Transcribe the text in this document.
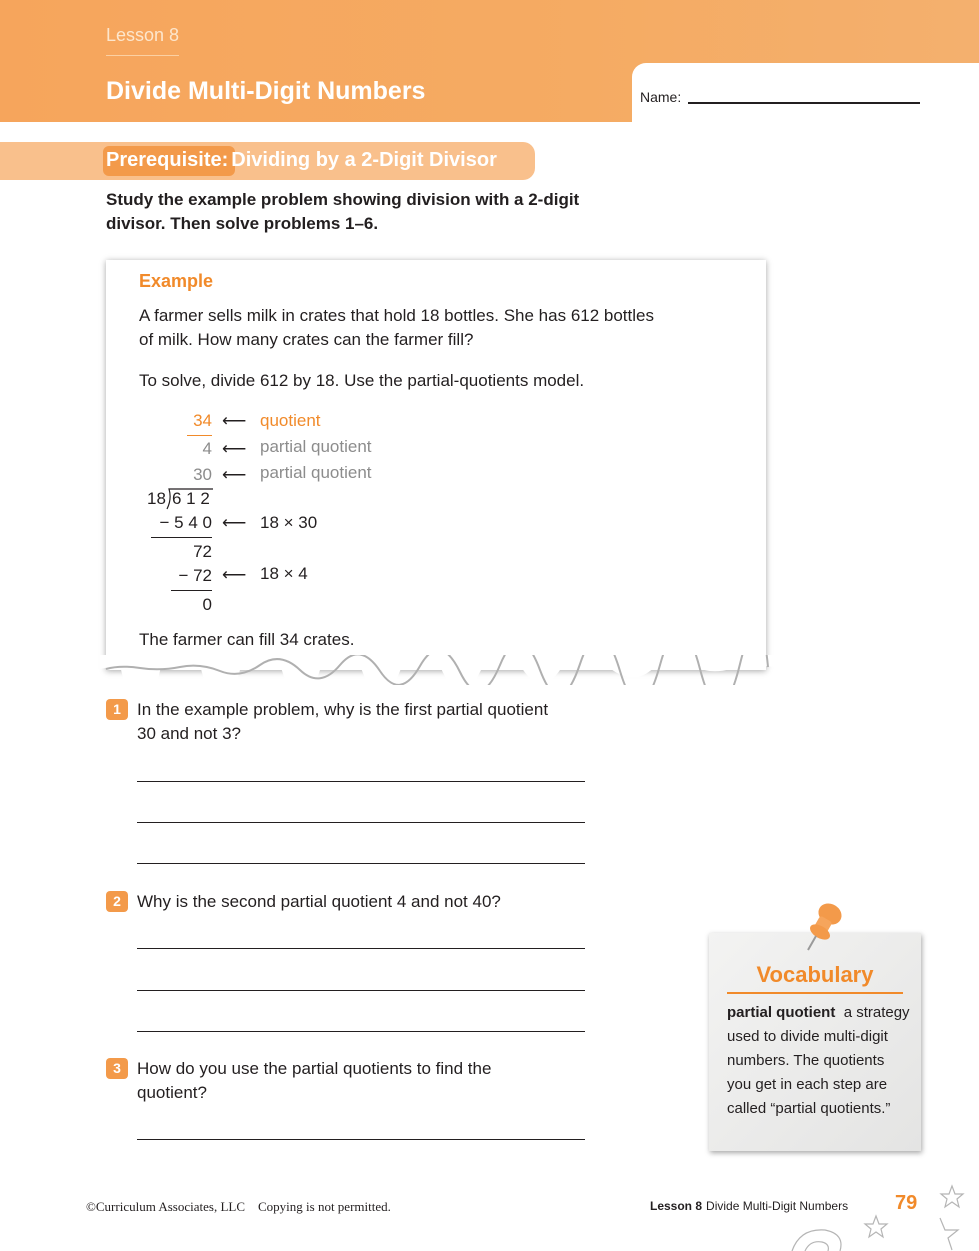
Lesson 8
Divide Multi-Digit Numbers	Name:
Prerequisite: Dividing by a 2-Digit Divisor
Study the example problem showing division with a 2-digit divisor. Then solve problems 1–6.
Example
A farmer sells milk in crates that hold 18 bottles. She has 612 bottles of milk. How many crates can the farmer fill?
To solve, divide 612 by 18. Use the partial-quotients model.
34 ⟵ quotient
4 ⟵ partial quotient
30 ⟵ partial quotient
18 6 1 2
− 5 4 0 ⟵ 18 × 30
72
− 72 ⟵ 18 × 4
0
The farmer can fill 34 crates.
1 In the example problem, why is the first partial quotient 30 and not 3?
2 Why is the second partial quotient 4 and not 40?
3 How do you use the partial quotients to find the quotient?
Vocabulary
partial quotient a strategy used to divide multi-digit numbers. The quotients you get in each step are called “partial quotients.”
©Curriculum Associates, LLC    Copying is not permitted.	Lesson 8 Divide Multi-Digit Numbers 79
